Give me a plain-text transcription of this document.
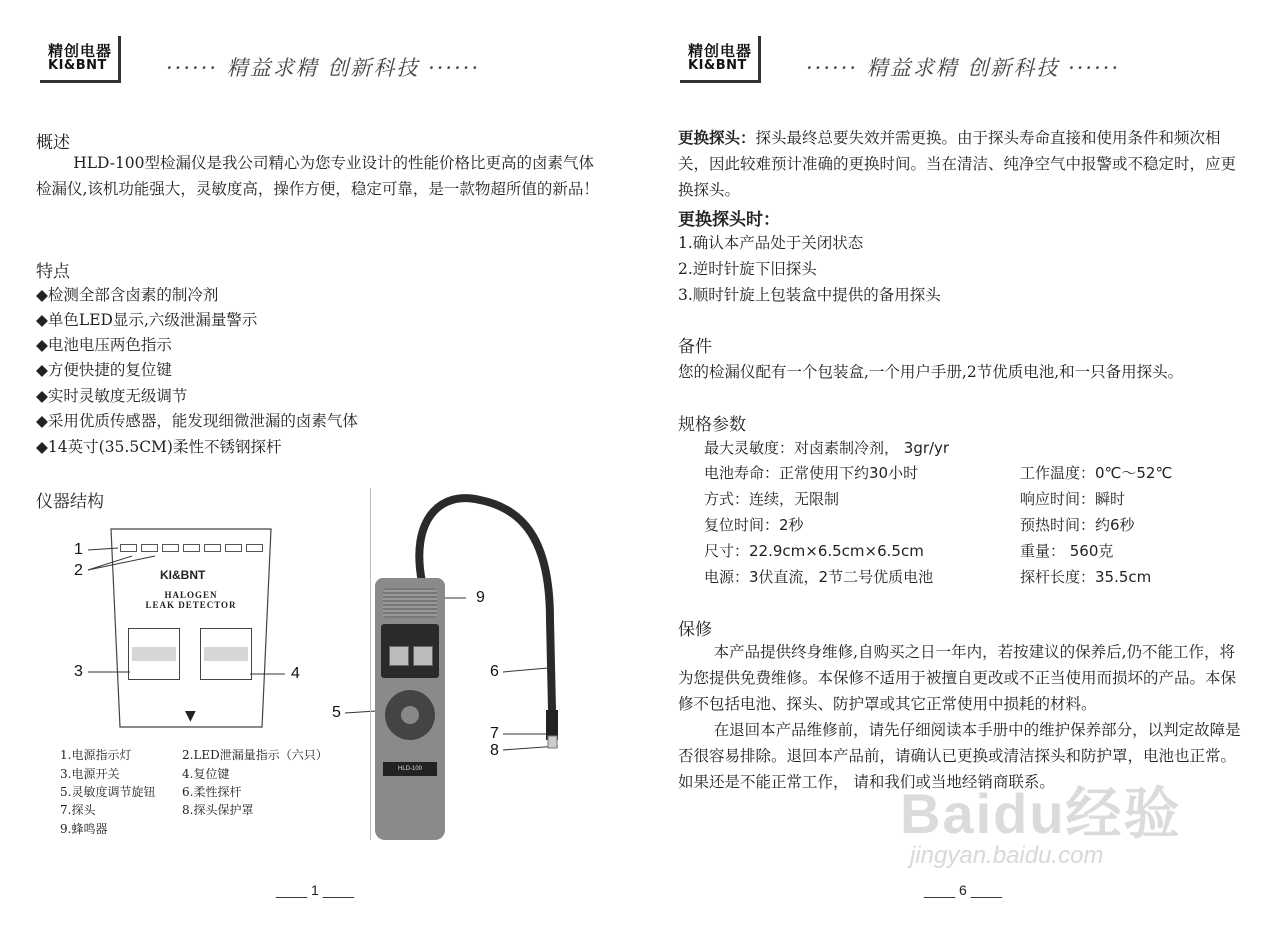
精创电器
KI&BNT	······ 精益求精 创新科技 ······
概述
HLD-100型检漏仪是我公司精心为您专业设计的性能价格比更高的卤素气体检漏仪,该机功能强大，灵敏度高，操作方便，稳定可靠，是一款物超所值的新品！
特点
◆检测全部含卤素的制冷剂
◆单色LED显示,六级泄漏量警示
◆电池电压两色指示
◆方便快捷的复位键
◆实时灵敏度无级调节
◆采用优质传感器，能发现细微泄漏的卤素气体
◆14英寸(35.5CM)柔性不锈钢探杆
仪器结构
KI&BNT
HALOGEN
LEAK DETECTOR
▼
1
2
3	4
5
6
7
8
9
HLD-100
1.电源指示灯	2.LED泄漏量指示（六只）
3.电源开关	4.复位键
5.灵敏度调节旋钮 6.柔性探杆
7.探头	8.探头保护罩
9.蜂鸣器
____ 1 ____
精创电器
KI&BNT	······ 精益求精 创新科技 ······
更换探头：探头最终总要失效并需更换。由于探头寿命直接和使用条件和频次相关，因此较难预计准确的更换时间。当在清洁、纯净空气中报警或不稳定时，应更换探头。
更换探头时：
1.确认本产品处于关闭状态
2.逆时针旋下旧探头
3.顺时针旋上包装盒中提供的备用探头
备件
您的检漏仪配有一个包装盒,一个用户手册,2节优质电池,和一只备用探头。
规格参数
最大灵敏度：对卤素制冷剂， 3gr/yr
电池寿命：正常使用下约30小时	工作温度：0℃～52℃
方式：连续，无限制	响应时间：瞬时
复位时间：2秒	预热时间：约6秒
尺寸：22.9cm×6.5cm×6.5cm	重量： 560克
电源：3伏直流，2节二号优质电池	探杆长度：35.5cm
保修
本产品提供终身维修,自购买之日一年内，若按建议的保养后,仍不能工作，将为您提供免费维修。本保修不适用于被擅自更改或不正当使用而损坏的产品。本保修不包括电池、探头、防护罩或其它正常使用中损耗的材料。
在退回本产品维修前，请先仔细阅读本手册中的维护保养部分，以判定故障是否很容易排除。退回本产品前，请确认已更换或清洁探头和防护罩，电池也正常。如果还是不能正常工作， 请和我们或当地经销商联系。
____ 6 ____
Baidu经验
jingyan.baidu.com
